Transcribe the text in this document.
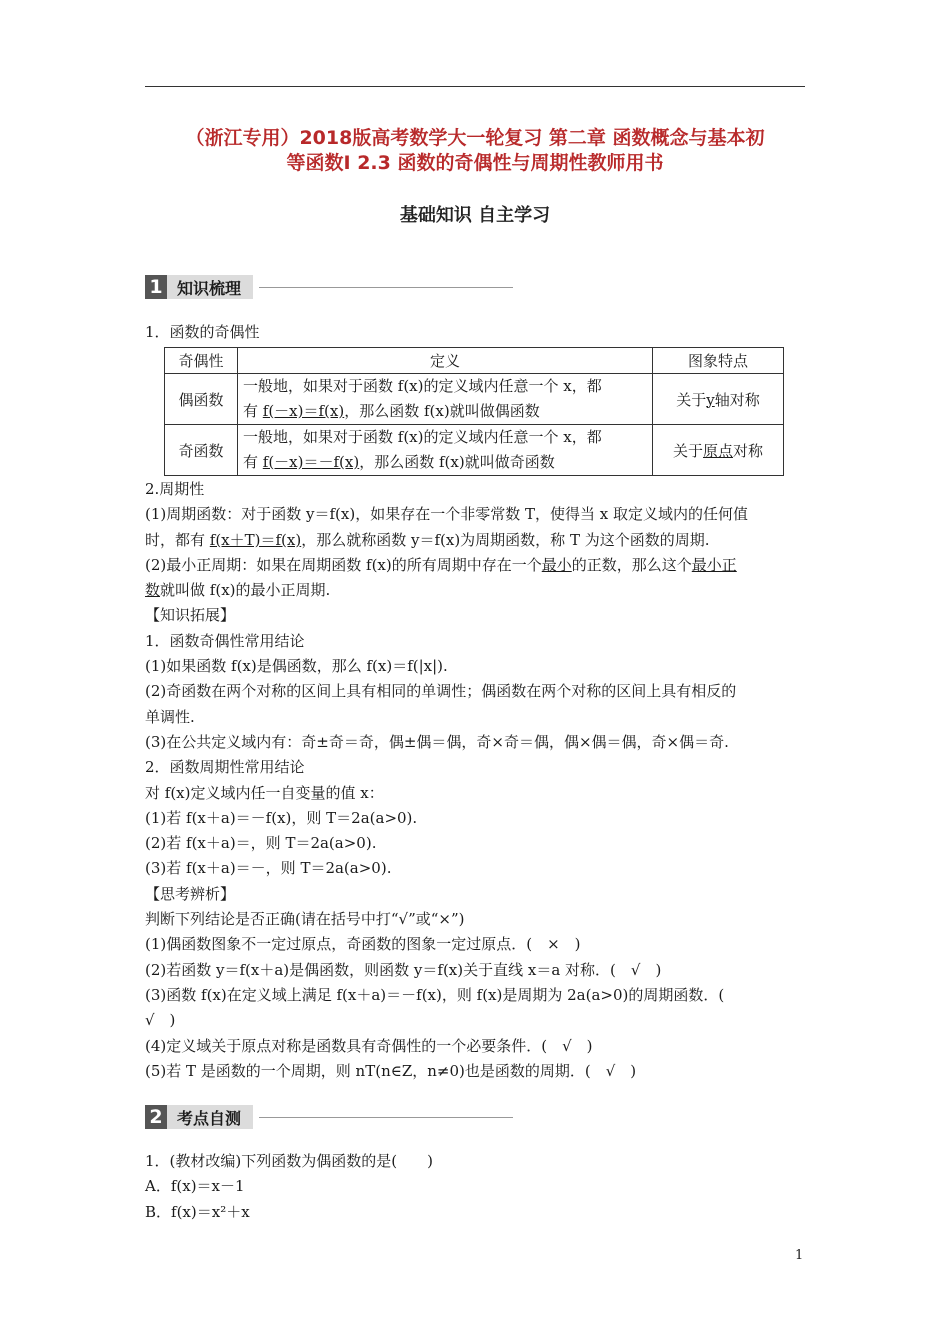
（浙江专用）2018版高考数学大一轮复习 第二章 函数概念与基本初
等函数Ⅰ 2.3 函数的奇偶性与周期性教师用书
基础知识 自主学习
1 知识梳理
1．函数的奇偶性
奇偶性	定义	图象特点
偶函数	一般地，如果对于函数 f(x)的定义域内任意一个 x，都
有 f(－x)＝f(x)，那么函数 f(x)就叫做偶函数	关于y轴对称
奇函数	一般地，如果对于函数 f(x)的定义域内任意一个 x，都
有 f(－x)＝－f(x)，那么函数 f(x)就叫做奇函数	关于原点对称
2.周期性
(1)周期函数：对于函数 y＝f(x)，如果存在一个非零常数 T，使得当 x 取定义域内的任何值
时，都有 f(x＋T)＝f(x)，那么就称函数 y＝f(x)为周期函数，称 T 为这个函数的周期.
(2)最小正周期：如果在周期函数 f(x)的所有周期中存在一个最小的正数，那么这个最小正
数就叫做 f(x)的最小正周期.
【知识拓展】
1．函数奇偶性常用结论
(1)如果函数 f(x)是偶函数，那么 f(x)＝f(|x|).
(2)奇函数在两个对称的区间上具有相同的单调性；偶函数在两个对称的区间上具有相反的
单调性.
(3)在公共定义域内有：奇±奇＝奇，偶±偶＝偶，奇×奇＝偶，偶×偶＝偶，奇×偶＝奇.
2．函数周期性常用结论
对 f(x)定义域内任一自变量的值 x：
(1)若 f(x＋a)＝－f(x)，则 T＝2a(a>0).
(2)若 f(x＋a)＝，则 T＝2a(a>0).
(3)若 f(x＋a)＝－，则 T＝2a(a>0).
【思考辨析】
判断下列结论是否正确(请在括号中打“√”或“×”)
(1)偶函数图象不一定过原点，奇函数的图象一定过原点．(　×　)
(2)若函数 y＝f(x＋a)是偶函数，则函数 y＝f(x)关于直线 x＝a 对称．(　√　)
(3)函数 f(x)在定义域上满足 f(x＋a)＝－f(x)，则 f(x)是周期为 2a(a>0)的周期函数．(
√　)
(4)定义域关于原点对称是函数具有奇偶性的一个必要条件．(　√　)
(5)若 T 是函数的一个周期，则 nT(n∈Z，n≠0)也是函数的周期．(　√　)
2 考点自测
1．(教材改编)下列函数为偶函数的是(　　)
A．f(x)＝x－1
B．f(x)＝x²＋x
1
